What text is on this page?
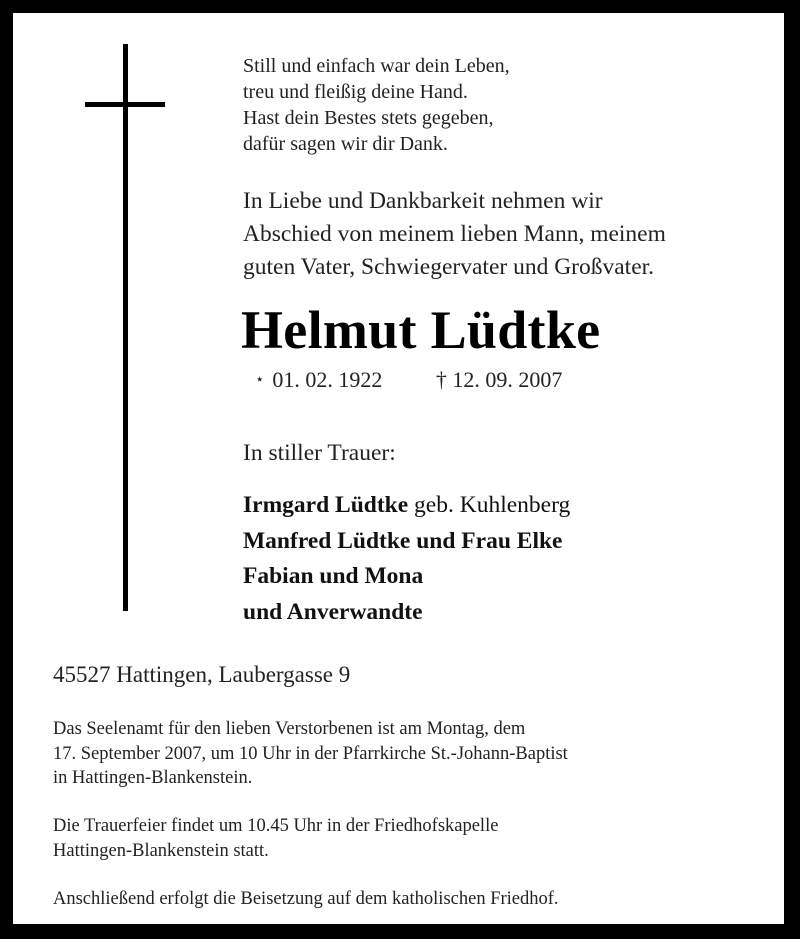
Still und einfach war dein Leben,
treu und fleißig deine Hand.
Hast dein Bestes stets gegeben,
dafür sagen wir dir Dank.
In Liebe und Dankbarkeit nehmen wir
Abschied von meinem lieben Mann, meinem
guten Vater, Schwiegervater und Großvater.
Helmut Lüdtke
⋆ 01. 02. 1922 † 12. 09. 2007
In stiller Trauer:
Irmgard Lüdtke geb. Kuhlenberg
Manfred Lüdtke und Frau Elke
Fabian und Mona
und Anverwandte
45527 Hattingen, Laubergasse 9
Das Seelenamt für den lieben Verstorbenen ist am Montag, dem
17. September 2007, um 10 Uhr in der Pfarrkirche St.-Johann-Baptist
in Hattingen-Blankenstein.
Die Trauerfeier findet um 10.45 Uhr in der Friedhofskapelle
Hattingen-Blankenstein statt.
Anschließend erfolgt die Beisetzung auf dem katholischen Friedhof.
